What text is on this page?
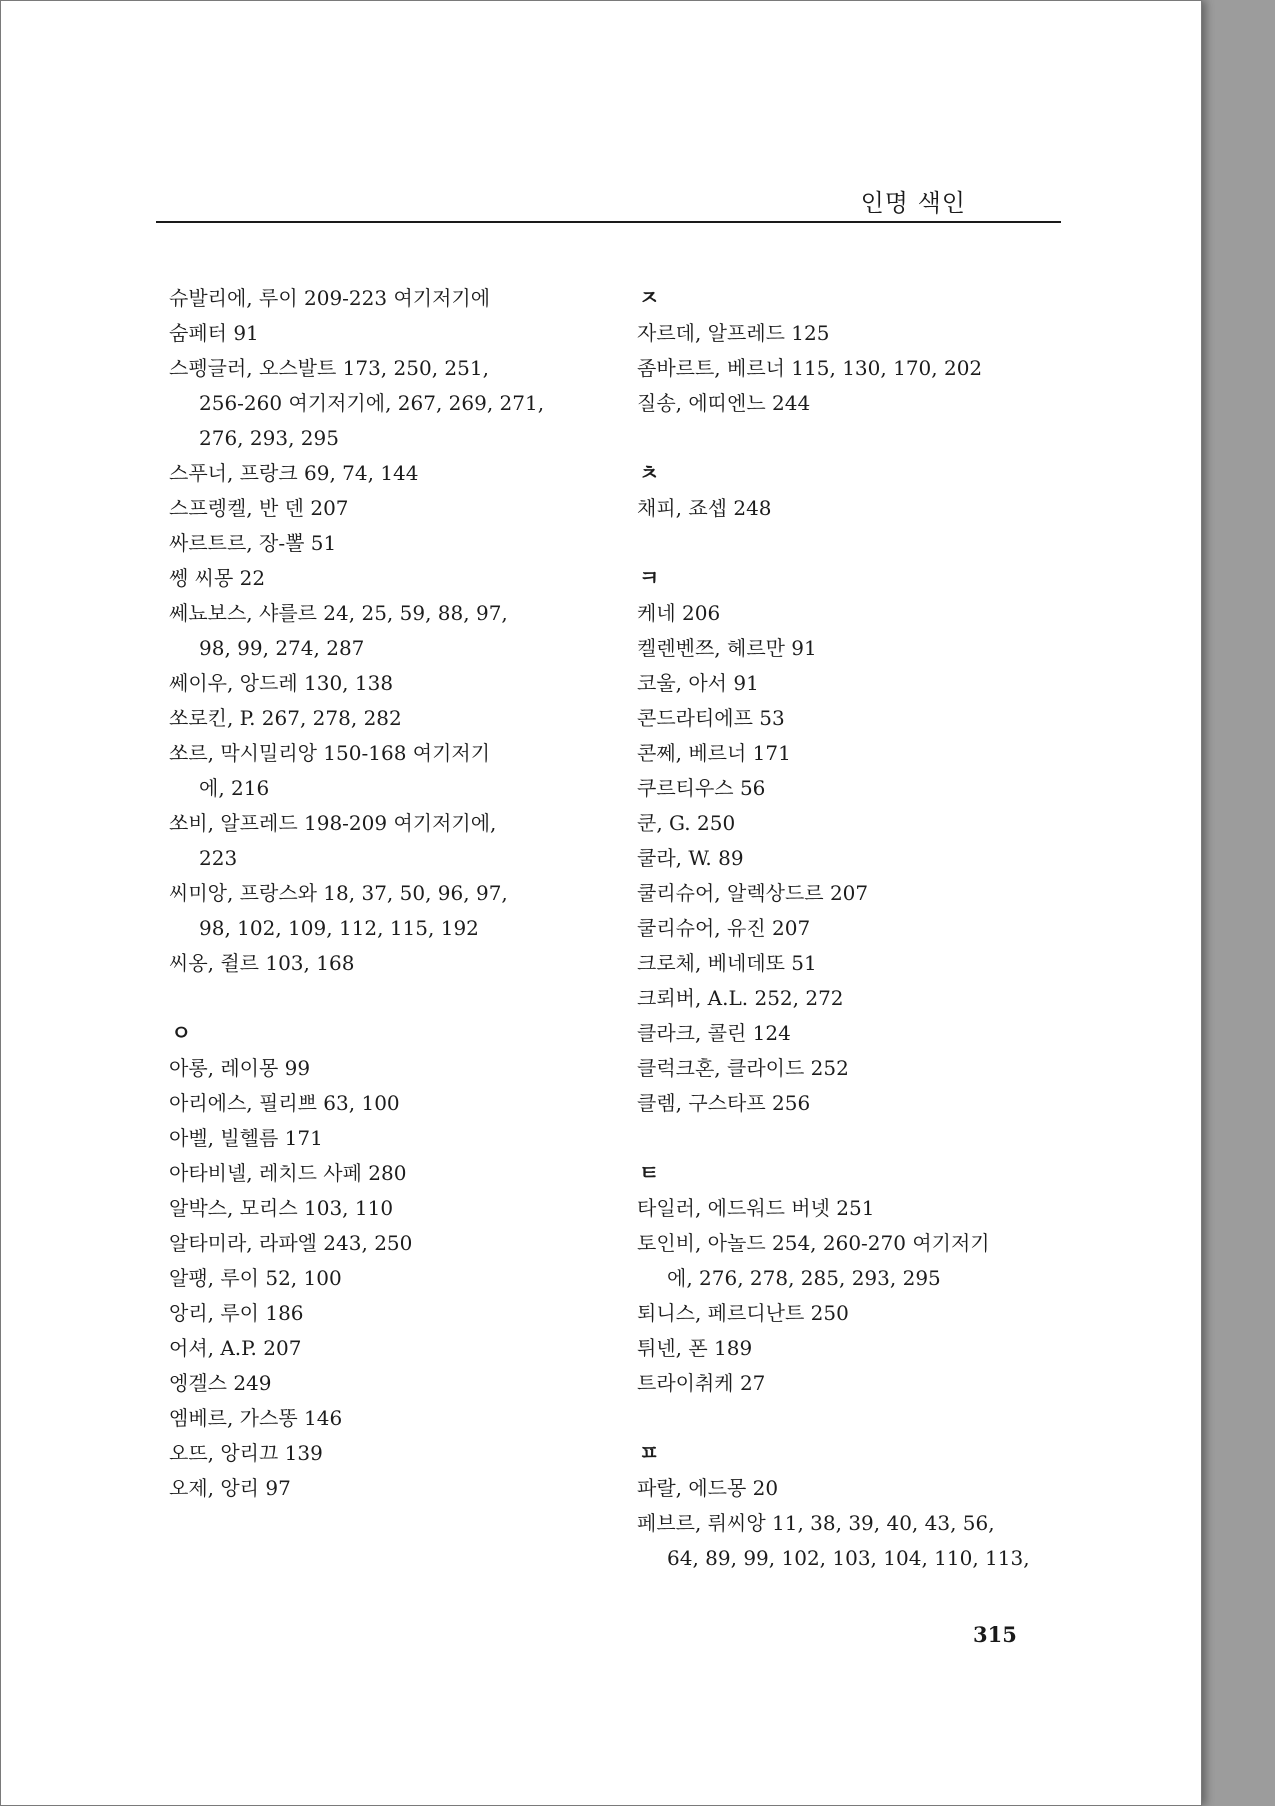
인명 색인
슈발리에, 루이 209-223 여기저기에
숨페터 91
스펭글러, 오스발트 173, 250, 251,
256-260 여기저기에, 267, 269, 271,
276, 293, 295
스푸너, 프랑크 69, 74, 144
스프렝켈, 반 덴 207
싸르트르, 장-뽈 51
쎙 씨몽 22
쎄뇨보스, 샤를르 24, 25, 59, 88, 97,
98, 99, 274, 287
쎄이우, 앙드레 130, 138
쏘로킨, P. 267, 278, 282
쏘르, 막시밀리앙 150-168 여기저기
에, 216
쏘비, 알프레드 198-209 여기저기에,
223
씨미앙, 프랑스와 18, 37, 50, 96, 97,
98, 102, 109, 112, 115, 192
씨옹, 쥘르 103, 168
ㅇ
아롱, 레이몽 99
아리에스, 필리쁘 63, 100
아벨, 빌헬름 171
아타비넬, 레치드 사페 280
알박스, 모리스 103, 110
알타미라, 라파엘 243, 250
알팽, 루이 52, 100
앙리, 루이 186
어셔, A.P. 207
엥겔스 249
엠베르, 가스똥 146
오뜨, 앙리끄 139
오제, 앙리 97
ㅈ
자르데, 알프레드 125
좀바르트, 베르너 115, 130, 170, 202
질송, 에띠엔느 244
ㅊ
채피, 죠셉 248
ㅋ
케네 206
켈렌벤쯔, 헤르만 91
코울, 아서 91
콘드라티에프 53
콘쩨, 베르너 171
쿠르티우스 56
쿤, G. 250
쿨라, W. 89
쿨리슈어, 알렉상드르 207
쿨리슈어, 유진 207
크로체, 베네데또 51
크뢰버, A.L. 252, 272
클라크, 콜린 124
클럭크혼, 클라이드 252
클렘, 구스타프 256
ㅌ
타일러, 에드워드 버넷 251
토인비, 아놀드 254, 260-270 여기저기
에, 276, 278, 285, 293, 295
퇴니스, 페르디난트 250
튀넨, 폰 189
트라이취케 27
ㅍ
파랄, 에드몽 20
페브르, 뤼씨앙 11, 38, 39, 40, 43, 56,
64, 89, 99, 102, 103, 104, 110, 113,
315
